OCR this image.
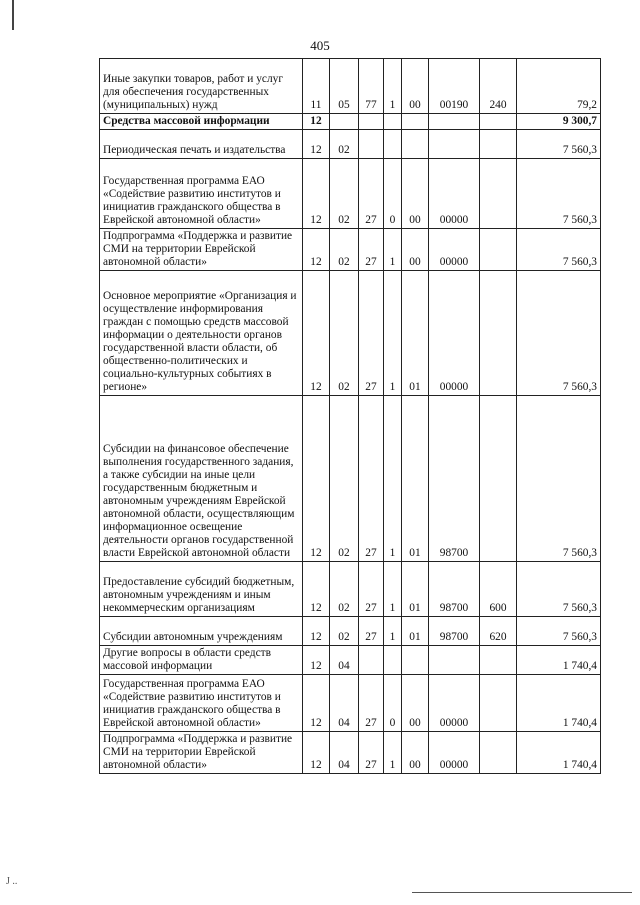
405
Иные закупки товаров, работ и услуг для обеспечения государственных (муниципальных) нужд	11	05	77	1	00	00190	240	79,2
Средства массовой информации	12							9 300,7
Периодическая печать и издательства	12	02						7 560,3
Государственная программа ЕАО «Содействие развитию институтов и инициатив гражданского общества в Еврейской автономной области»	12	02	27	0	00	00000		7 560,3
Подпрограмма «Поддержка и развитие СМИ на территории Еврейской автономной области»	12	02	27	1	00	00000		7 560,3
Основное мероприятие «Организация и осуществление информирования граждан с помощью средств массовой информации о деятельности органов государственной власти области, об общественно-политических и социально-культурных событиях в регионе»	12	02	27	1	01	00000		7 560,3
Субсидии на финансовое обеспечение выполнения государственного задания, а также субсидии на иные цели государственным бюджетным и автономным учреждениям Еврейской автономной области, осуществляющим информационное освещение деятельности органов государственной власти Еврейской автономной области	12	02	27	1	01	98700		7 560,3
Предоставление субсидий бюджетным, автономным учреждениям и иным некоммерческим организациям	12	02	27	1	01	98700	600	7 560,3
Субсидии автономным учреждениям	12	02	27	1	01	98700	620	7 560,3
Другие вопросы в области средств массовой информации	12	04						1 740,4
Государственная программа ЕАО «Содействие развитию институтов и инициатив гражданского общества в Еврейской автономной области»	12	04	27	0	00	00000		1 740,4
Подпрограмма «Поддержка и развитие СМИ на территории Еврейской автономной области»	12	04	27	1	00	00000		1 740,4
J ..
